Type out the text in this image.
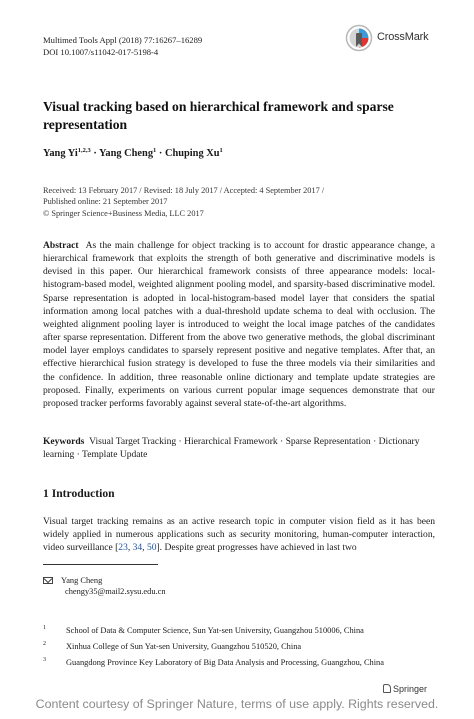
Multimed Tools Appl (2018) 77:16267–16289
DOI 10.1007/s11042-017-5198-4
CrossMark
Visual tracking based on hierarchical framework and sparse representation
Yang Yi$^{1,2,3}$ · Yang Cheng$^1$ · Chuping Xu$^1$
Received: 13 February 2017 / Revised: 18 July 2017 / Accepted: 4 September 2017 /
Published online: 21 September 2017
© Springer Science+Business Media, LLC 2017
Abstract As the main challenge for object tracking is to account for drastic appearance change, a hierarchical framework that exploits the strength of both generative and discriminative models is devised in this paper. Our hierarchical framework consists of three appearance models: local-histogram-based model, weighted alignment pooling model, and sparsity-based discriminative model. Sparse representation is adopted in local-histogram-based model layer that considers the spatial information among local patches with a dual-threshold update schema to deal with occlusion. The weighted alignment pooling layer is introduced to weight the local image patches of the candidates after sparse representation. Different from the above two generative methods, the global discriminant model layer employs candidates to sparsely represent positive and negative templates. After that, an effective hierarchical fusion strategy is developed to fuse the three models via their similarities and the confidence. In addition, three reasonable online dictionary and template update strategies are proposed. Finally, experiments on various current popular image sequences demonstrate that our proposed tracker performs favorably against several state-of-the-art algorithms.
Keywords Visual Target Tracking · Hierarchical Framework · Sparse Representation · Dictionary learning · Template Update
1 Introduction
Visual target tracking remains as an active research topic in computer vision field as it has been widely applied in numerous applications such as security monitoring, human-computer interaction, video surveillance [23, 34, 50]. Despite great progresses have achieved in last two
Yang Cheng
chengy35@mail2.sysu.edu.cn
1 School of Data & Computer Science, Sun Yat-sen University, Guangzhou 510006, China
2 Xinhua College of Sun Yat-sen University, Guangzhou 510520, China
3 Guangdong Province Key Laboratory of Big Data Analysis and Processing, Guangzhou, China
Springer
Content courtesy of Springer Nature, terms of use apply. Rights reserved.
